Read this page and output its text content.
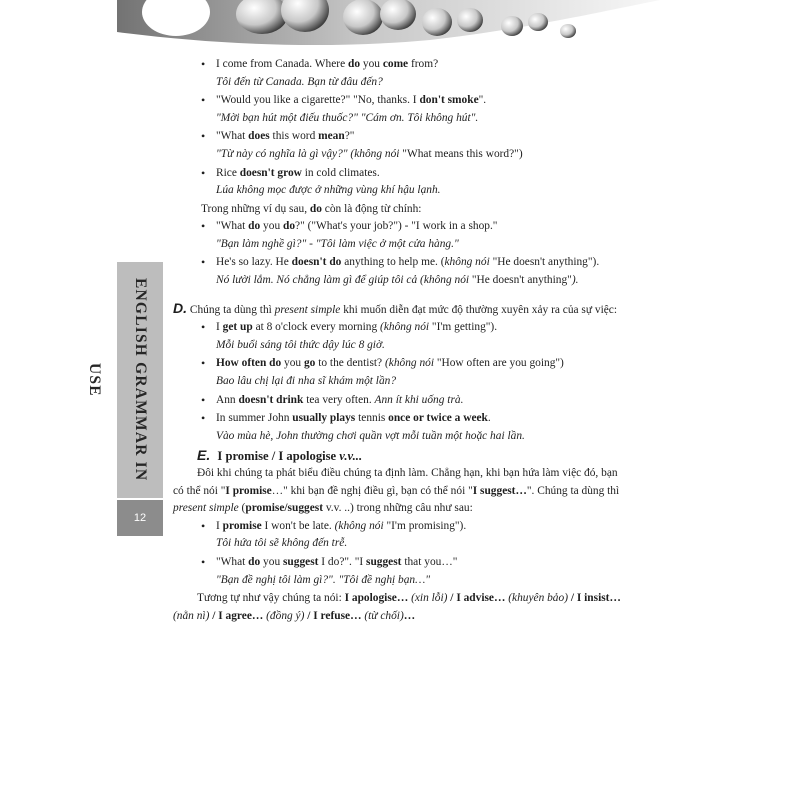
ENGLISH GRAMMAR IN USE
12
• I come from Canada. Where do you come from?
Tôi đến từ Canada. Bạn từ đâu đến?
• "Would you like a cigarette?" "No, thanks. I don't smoke".
"Mời bạn hút một điếu thuốc?" "Cám ơn. Tôi không hút".
• "What does this word mean?"
"Từ này có nghĩa là gì vậy?" (không nói "What means this word?")
• Rice doesn't grow in cold climates.
Lúa không mọc được ở những vùng khí hậu lạnh.

Trong những ví dụ sau, do còn là động từ chính:

• "What do you do?" ("What's your job?") - "I work in a shop."
"Bạn làm nghề gì?" - "Tôi làm việc ở một cửa hàng."
• He's so lazy. He doesn't do anything to help me. (không nói "He doesn't anything").
Nó lười lắm. Nó chẳng làm gì để giúp tôi cả (không nói "He doesn't anything").

D. Chúng ta dùng thì present simple khi muốn diễn đạt mức độ thường xuyên xảy ra của sự việc:

• I get up at 8 o'clock every morning (không nói "I'm getting").
Mỗi buổi sáng tôi thức dậy lúc 8 giờ.
• How often do you go to the dentist? (không nói "How often are you going")
Bao lâu chị lại đi nha sĩ khám một lần?
• Ann doesn't drink tea very often. Ann ít khi uống trà.
• In summer John usually plays tennis once or twice a week.
Vào mùa hè, John thường chơi quần vợt mỗi tuần một hoặc hai lần.
E. I promise / I apologise v.v...

Đôi khi chúng ta phát biểu điều chúng ta định làm. Chẳng hạn, khi bạn hứa làm việc đó, bạn có thể nói "I promise…" khi bạn đề nghị điều gì, bạn có thể nói "I suggest…". Chúng ta dùng thì present simple (promise/suggest v.v. ..) trong những câu như sau:

• I promise I won't be late. (không nói "I'm promising").
Tôi hứa tôi sẽ không đến trễ.
• "What do you suggest I do?". "I suggest that you…"
"Bạn đề nghị tôi làm gì?". "Tôi đề nghị bạn…"

Tương tự như vậy chúng ta nói: I apologise… (xin lỗi) / I advise… (khuyên bảo) / I insist… (nằn nì) / I agree… (đồng ý) / I refuse… (từ chối)…
